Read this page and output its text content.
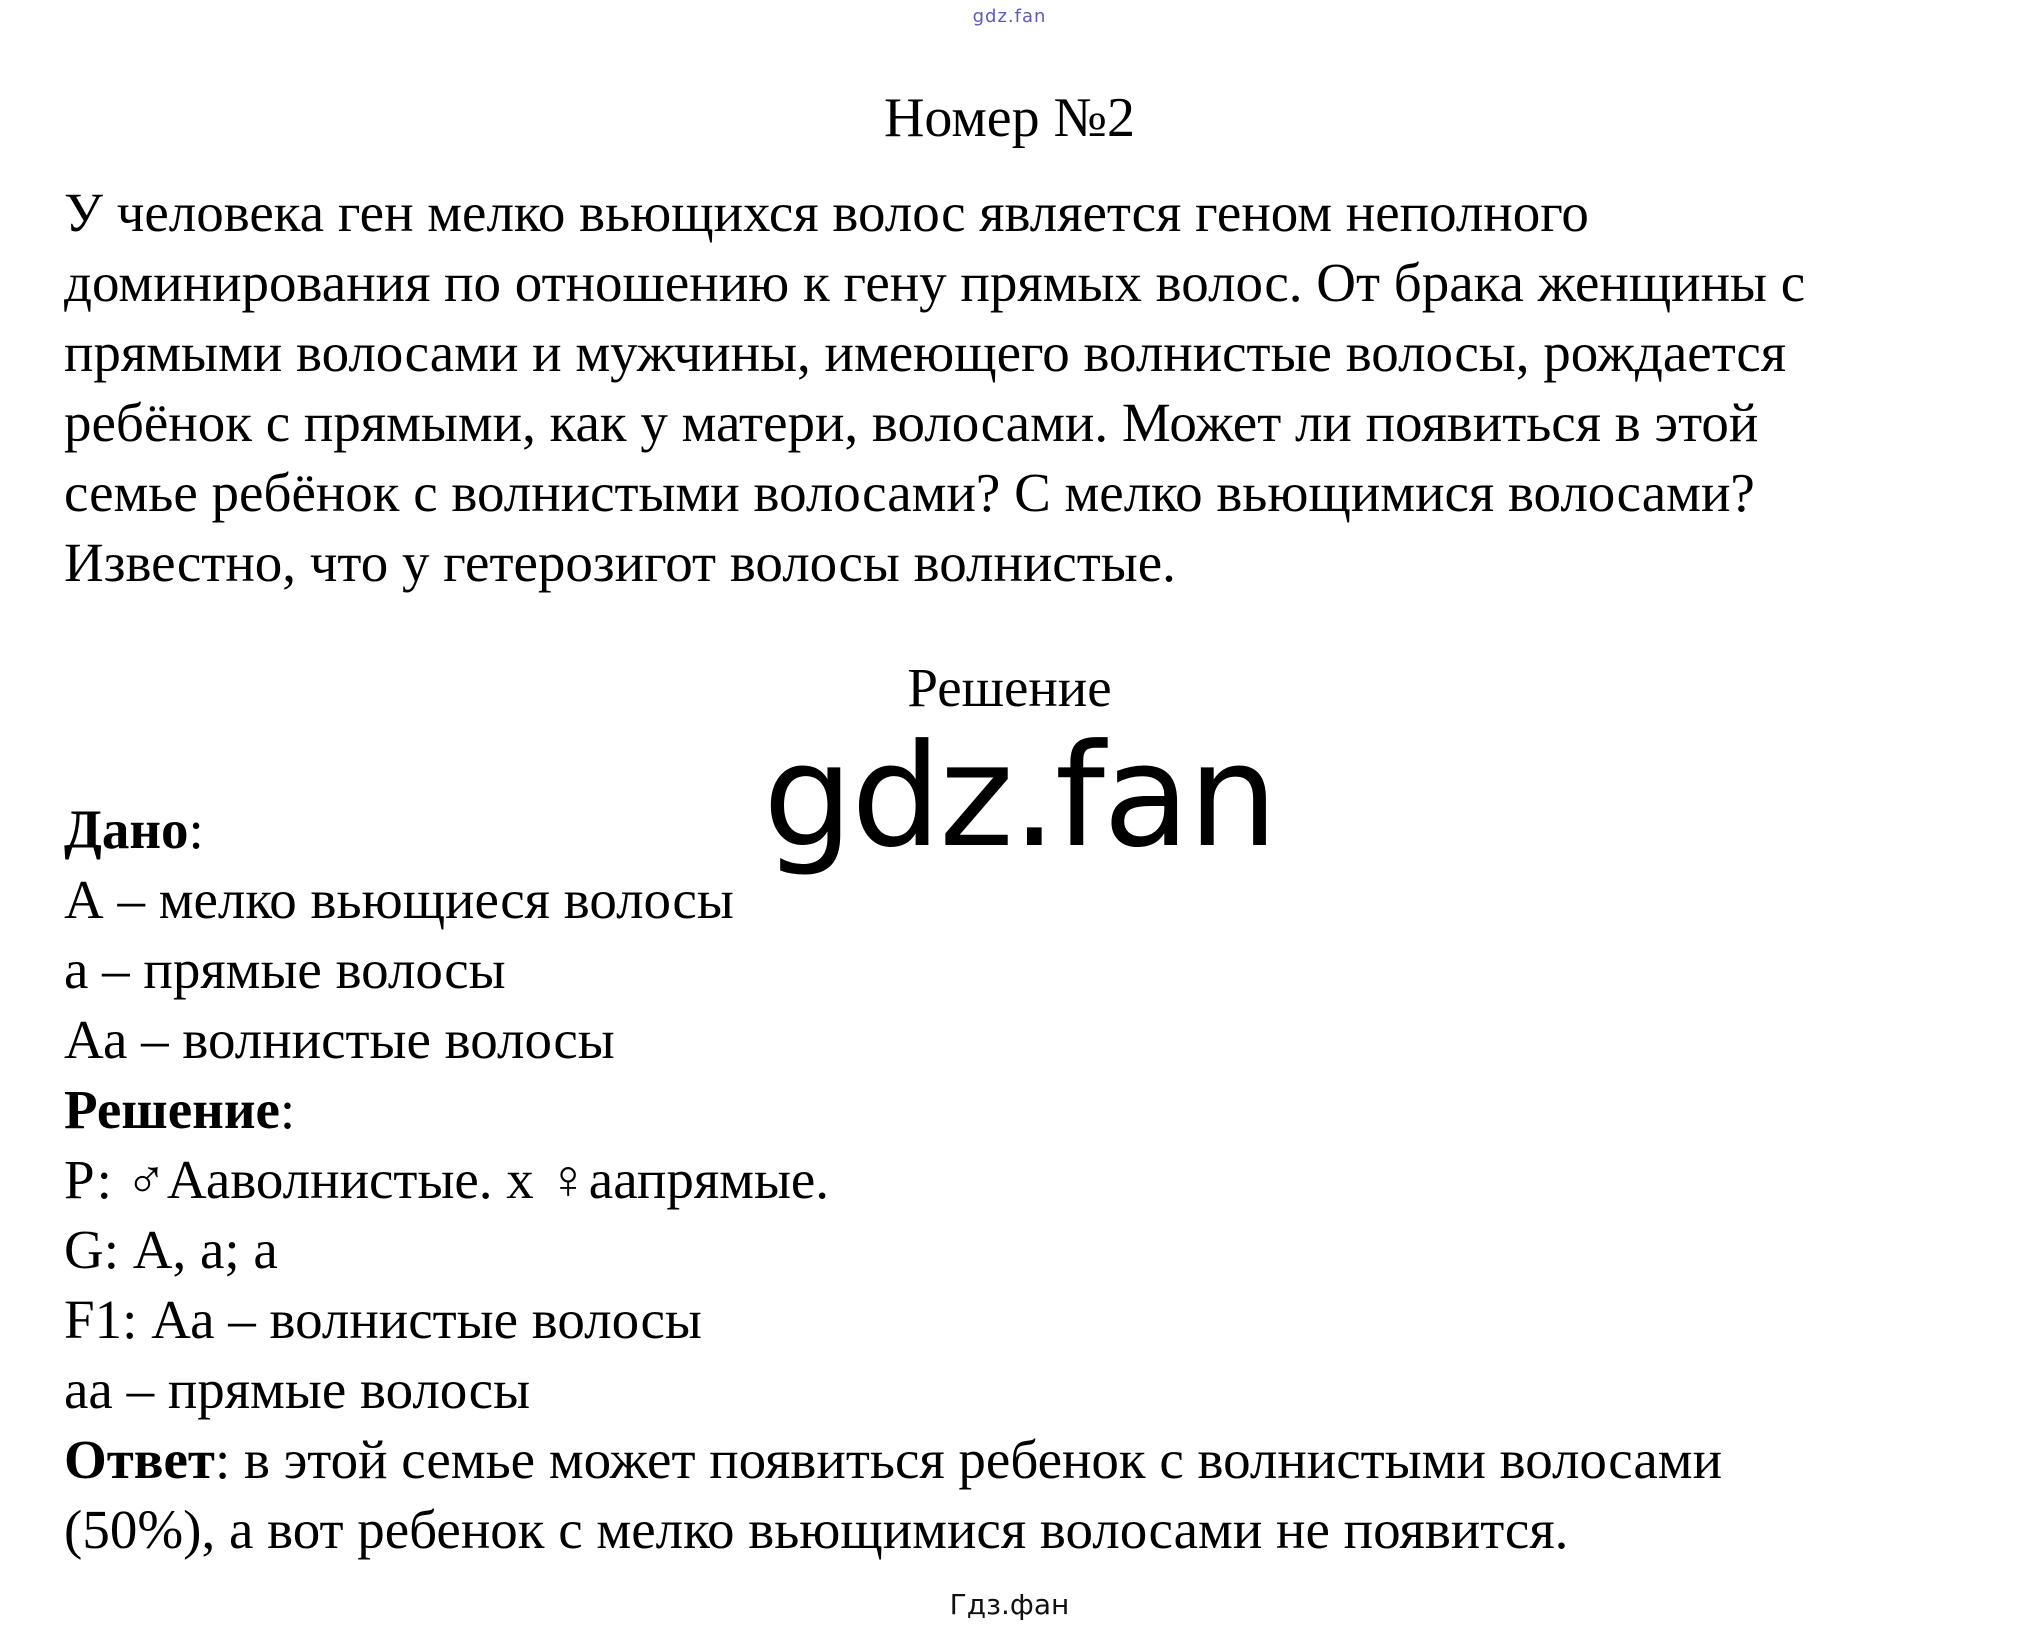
gdz.fan
Номер №2
У человека ген мелко вьющихся волос является геном неполного
доминирования по отношению к гену прямых волос. От брака женщины с
прямыми волосами и мужчины, имеющего волнистые волосы, рождается
ребёнок с прямыми, как у матери, волосами. Может ли появиться в этой
семье ребёнок с волнистыми волосами? С мелко вьющимися волосами?
Известно, что у гетерозигот волосы волнистые.
Решение
gdz.fan
Дано:
А – мелко вьющиеся волосы
а – прямые волосы
Аа – волнистые волосы
Решение:
Р: ♂Ааволнистые. х ♀аапрямые.
G: А, а; а
F1: Аа – волнистые волосы
аа – прямые волосы
Ответ: в этой семье может появиться ребенок с волнистыми волосами
(50%), а вот ребенок с мелко вьющимися волосами не появится.
Гдз.фан
